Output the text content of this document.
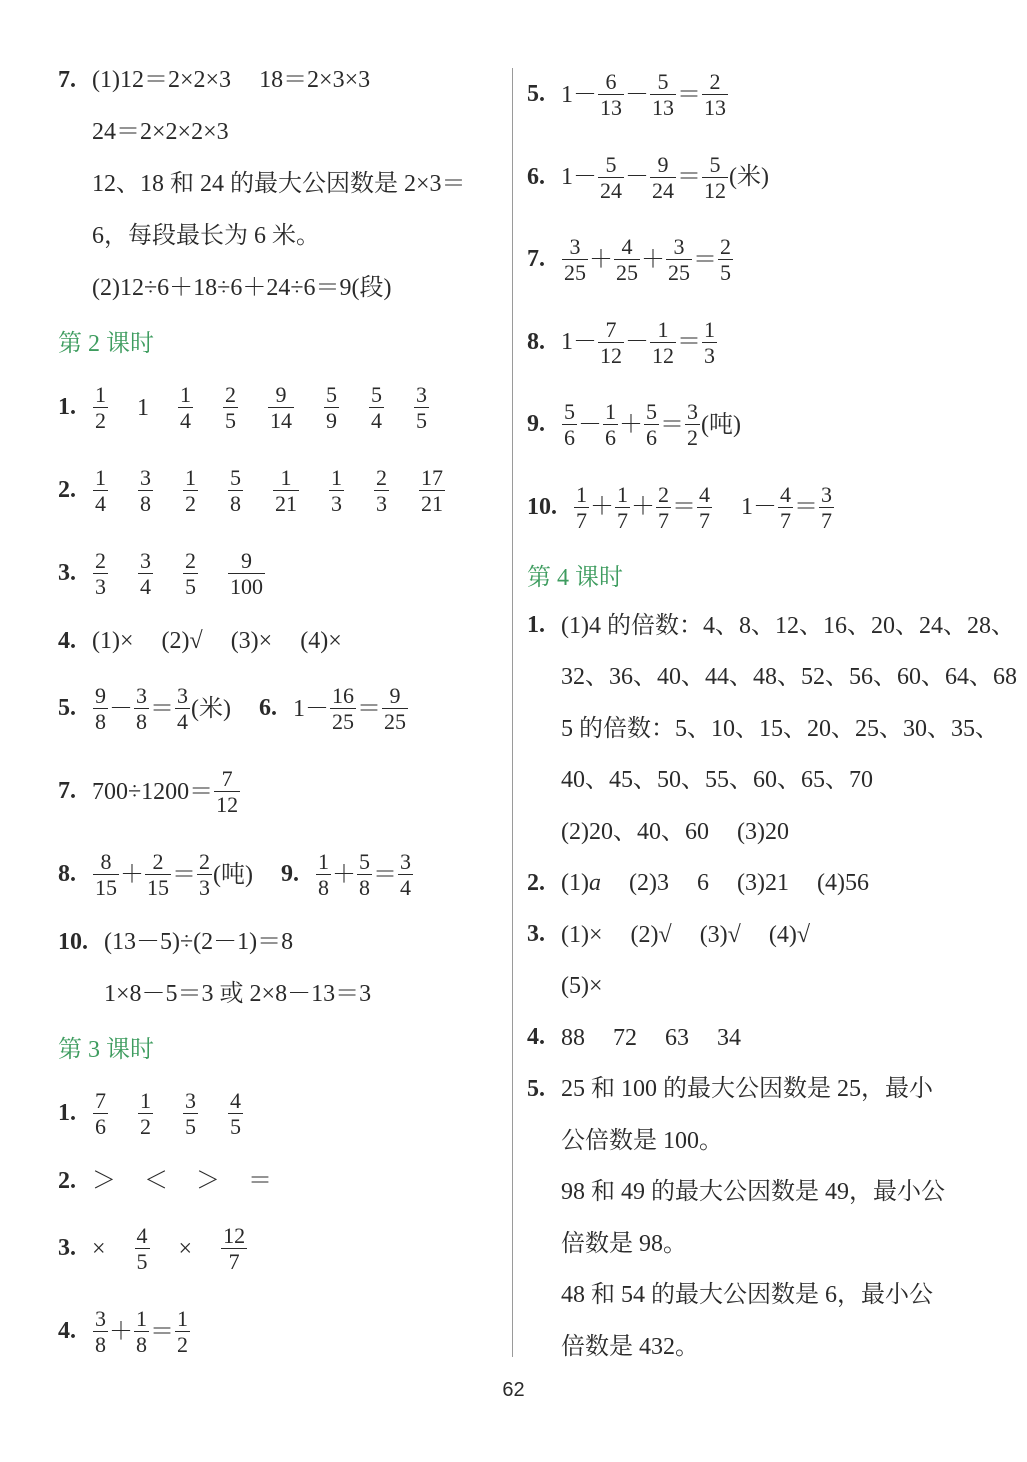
7. (1)12＝2×2×3 18＝2×3×3
24＝2×2×2×3
12、18 和 24 的最大公因数是 2×3＝
6，每段最长为 6 米。
(2)12÷6＋18÷6＋24÷6＝9(段)
第 2 课时
1. $\frac{1}{2} 1 \frac{1}{4} \frac{2}{5} \frac{9}{14} \frac{5}{9} \frac{5}{4} \frac{3}{5}$
2. $\frac{1}{4} \frac{3}{8} \frac{1}{2} \frac{5}{8} \frac{1}{21} \frac{1}{3} \frac{2}{3} \frac{17}{21}$
3. $\frac{2}{3} \frac{3}{4} \frac{2}{5} \frac{9}{100}$
4. (1)× (2)√ (3)× (4)×
5. $\frac{9}{8} - \frac{3}{8} = \frac{3}{4}$ (米) 6. $1- \frac{16}{25} = \frac{9}{25}$
7. $700\div 1200= \frac{7}{12}$
8. $\frac{8}{15} + \frac{2}{15} = \frac{2}{3}$ (吨) 9. $\frac{1}{8} + \frac{5}{8} = \frac{3}{4}$
10. (13－5)÷(2－1)＝8
1×8－5＝3 或 2×8－13＝3
第 3 课时
1. $\frac{7}{6} \frac{1}{2} \frac{3}{5} \frac{4}{5}$
2. ＞ ＜ ＞ ＝
3. × $\frac{4}{5} \times \frac{12}{7}$
4. $\frac{3}{8} + \frac{1}{8} = \frac{1}{2}$
5. $1- \frac{6}{13} - \frac{5}{13} = \frac{2}{13}$
6. $1- \frac{5}{24} - \frac{9}{24} = \frac{5}{12}$ (米)
7. $\frac{3}{25} + \frac{4}{25} + \frac{3}{25} = \frac{2}{5}$
8. $1- \frac{7}{12} - \frac{1}{12} = \frac{1}{3}$
9. $\frac{5}{6} - \frac{1}{6} + \frac{5}{6} = \frac{3}{2}$ (吨)
10. $\frac{1}{7} + \frac{1}{7} + \frac{2}{7} = \frac{4}{7} 1- \frac{4}{7} = \frac{3}{7}$
第 4 课时
1. (1)4 的倍数：4、8、12、16、20、24、28、
32、36、40、44、48、52、56、60、64、68
5 的倍数：5、10、15、20、25、30、35、
40、45、50、55、60、65、70
(2)20、40、60 (3)20
2. (1) a (2)3 6 (3)21 (4)56
3. (1)× (2)√ (3)√ (4)√
(5)×
4. 88 72 63 34
5. 25 和 100 的最大公因数是 25，最小
公倍数是 100。
98 和 49 的最大公因数是 49，最小公
倍数是 98。
48 和 54 的最大公因数是 6，最小公
倍数是 432。
62
